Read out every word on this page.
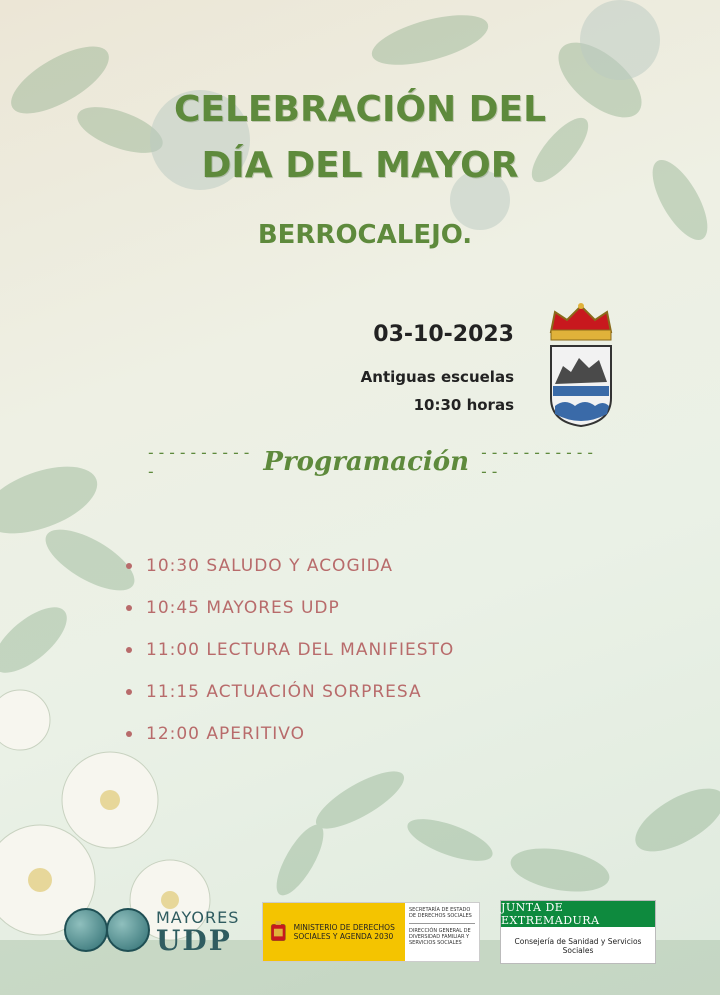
CELEBRACIÓN DEL
DÍA DEL MAYOR
BERROCALEJO.
03-10-2023
Antiguas escuelas
10:30 horas
-----------	Programación -------------
10:30 SALUDO Y ACOGIDA
10:45 MAYORES UDP
11:00 LECTURA DEL MANIFIESTO
11:15 ACTUACIÓN SORPRESA
12:00 APERITIVO
MAYORES
UDP	MINISTERIO DE DERECHOS SOCIALES Y AGENDA 2030
SECRETARÍA DE ESTADO DE DERECHOS SOCIALES
DIRECCIÓN GENERAL DE DIVERSIDAD FAMILIAR Y SERVICIOS SOCIALES
JUNTA DE EXTREMADURA
Consejería de Sanidad y Servicios Sociales
